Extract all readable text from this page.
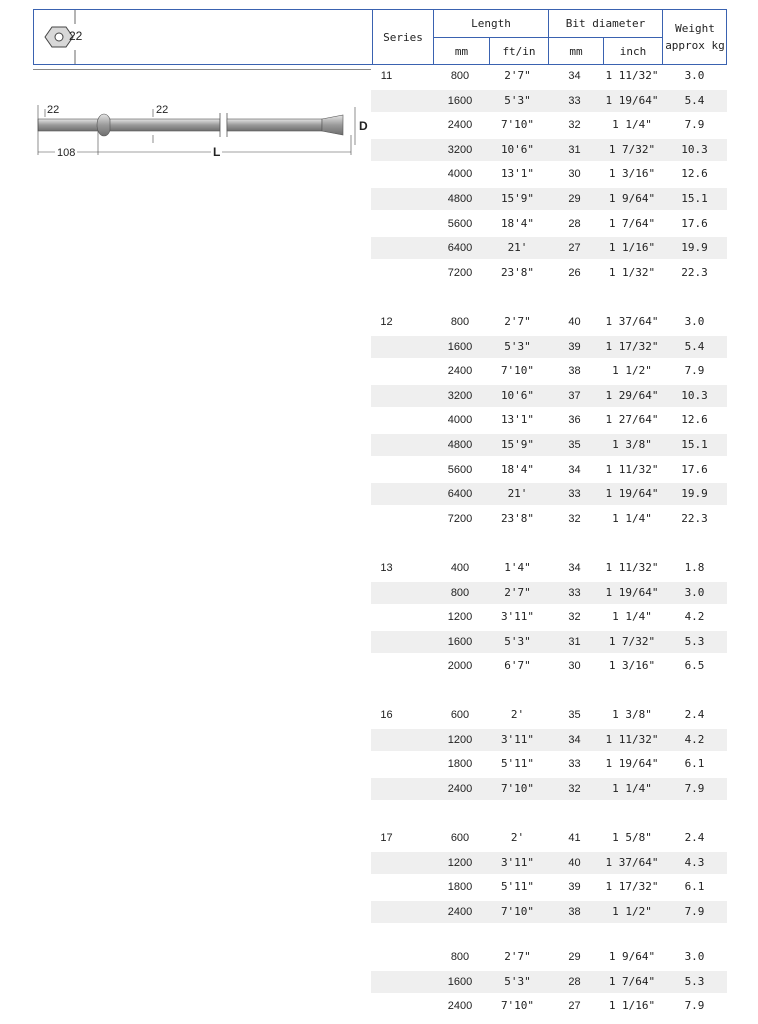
22	Series
Length	Bit diameter	Weight
approx kg
mm	ft/in	mm	inch
22	22
108	L
D
11	800	2'7"	34	1 11/32"	3.0
1600	5'3"	33	1 19/64"	5.4
2400	7'10"	32	1 1/4"	7.9
3200	10'6"	31	1 7/32"	10.3
4000	13'1"	30	1 3/16"	12.6
4800	15'9"	29	1 9/64"	15.1
5600	18'4"	28	1 7/64"	17.6
6400	21'	27	1 1/16"	19.9
7200	23'8"	26	1 1/32"	22.3
12	800	2'7"	40	1 37/64"	3.0
1600	5'3"	39	1 17/32"	5.4
2400	7'10"	38	1 1/2"	7.9
3200	10'6"	37	1 29/64"	10.3
4000	13'1"	36	1 27/64"	12.6
4800	15'9"	35	1 3/8"	15.1
5600	18'4"	34	1 11/32"	17.6
6400	21'	33	1 19/64"	19.9
7200	23'8"	32	1 1/4"	22.3
13	400	1'4"	34	1 11/32"	1.8
800	2'7"	33	1 19/64"	3.0
1200	3'11"	32	1 1/4"	4.2
1600	5'3"	31	1 7/32"	5.3
2000	6'7"	30	1 3/16"	6.5
16	600	2'	35	1 3/8"	2.4
1200	3'11"	34	1 11/32"	4.2
1800	5'11"	33	1 19/64"	6.1
2400	7'10"	32	1 1/4"	7.9
17	600	2'	41	1 5/8"	2.4
1200	3'11"	40	1 37/64"	4.3
1800	5'11"	39	1 17/32"	6.1
2400	7'10"	38	1 1/2"	7.9
800	2'7"	29	1 9/64"	3.0
1600	5'3"	28	1 7/64"	5.3
2400	7'10"	27	1 1/16"	7.9
